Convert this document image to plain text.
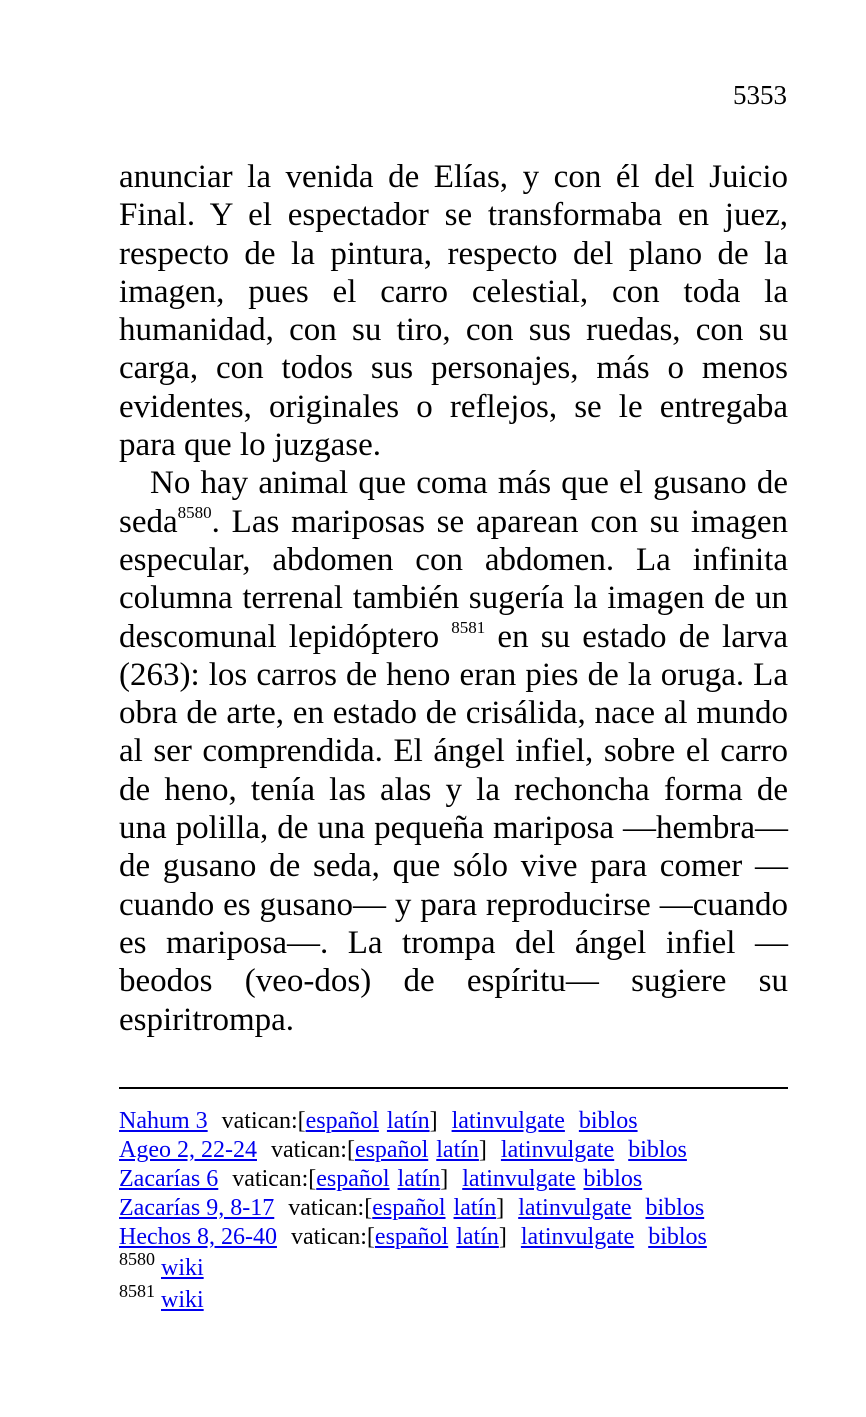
5353

anunciar la venida de Elías, y con él del Juicio Final. Y el espectador se transformaba en juez, respecto de la pintura, respecto del plano de la imagen, pues el carro celestial, con toda la humanidad, con su tiro, con sus ruedas, con su carga, con todos sus personajes, más o menos evidentes, originales o reflejos, se le entregaba para que lo juzgase.

No hay animal que coma más que el gusano de seda$^{8580}$. Las mariposas se aparean con su imagen especular, abdomen con abdomen. La infinita columna terrenal también sugería la imagen de un descomunal lepidóptero $^{8581}$ en su estado de larva (263): los carros de heno eran pies de la oruga. La obra de arte, en estado de crisálida, nace al mundo al ser comprendida. El ángel infiel, sobre el carro de heno, tenía las alas y la rechoncha forma de una polilla, de una pequeña mariposa —hembra— de gusano de seda, que sólo vive para comer —cuando es gusano— y para reproducirse —cuando es mariposa—. La trompa del ángel infiel —beodos (veo-dos) de espíritu— sugiere su espiritrompa.

Nahum 3 vatican:[español latín] latinvulgate biblos
Ageo 2, 22-24 vatican:[español latín] latinvulgate biblos
Zacarías 6 vatican:[español latín] latinvulgate biblos
Zacarías 9, 8-17 vatican:[español latín] latinvulgate biblos
Hechos 8, 26-40 vatican:[español latín] latinvulgate biblos
$^{8580}$ wiki
$^{8581}$ wiki
